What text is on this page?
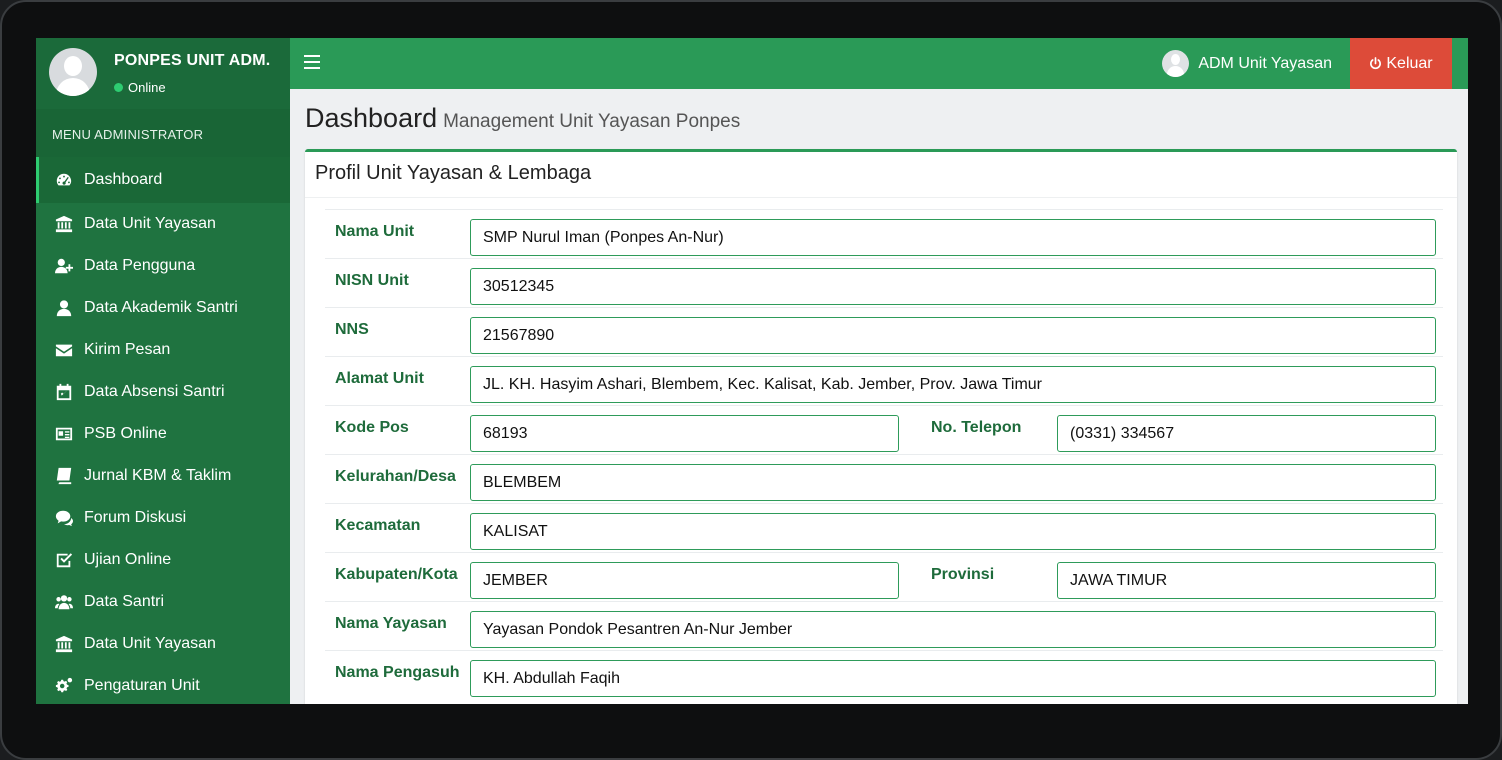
PONPES UNIT ADM.
Online
MENU ADMINISTRATOR
Dashboard
Data Unit Yayasan
Data Pengguna
Data Akademik Santri
Kirim Pesan
Data Absensi Santri
PSB Online
Jurnal KBM & Taklim
Forum Diskusi
Ujian Online
Data Santri
Data Unit Yayasan
Pengaturan Unit
ADM Unit Yayasan	Keluar
Dashboard Management Unit Yayasan Ponpes
Profil Unit Yayasan & Lembaga
Nama Unit	SMP Nurul Iman (Ponpes An-Nur)
NISN Unit	30512345
NNS	21567890
Alamat Unit	JL. KH. Hasyim Ashari, Blembem, Kec. Kalisat, Kab. Jember, Prov. Jawa Timur
Kode Pos	68193	No. Telepon	(0331) 334567
Kelurahan/Desa	BLEMBEM
Kecamatan	KALISAT
Kabupaten/Kota	JEMBER	Provinsi	JAWA TIMUR
Nama Yayasan	Yayasan Pondok Pesantren An-Nur Jember
Nama Pengasuh	KH. Abdullah Faqih
